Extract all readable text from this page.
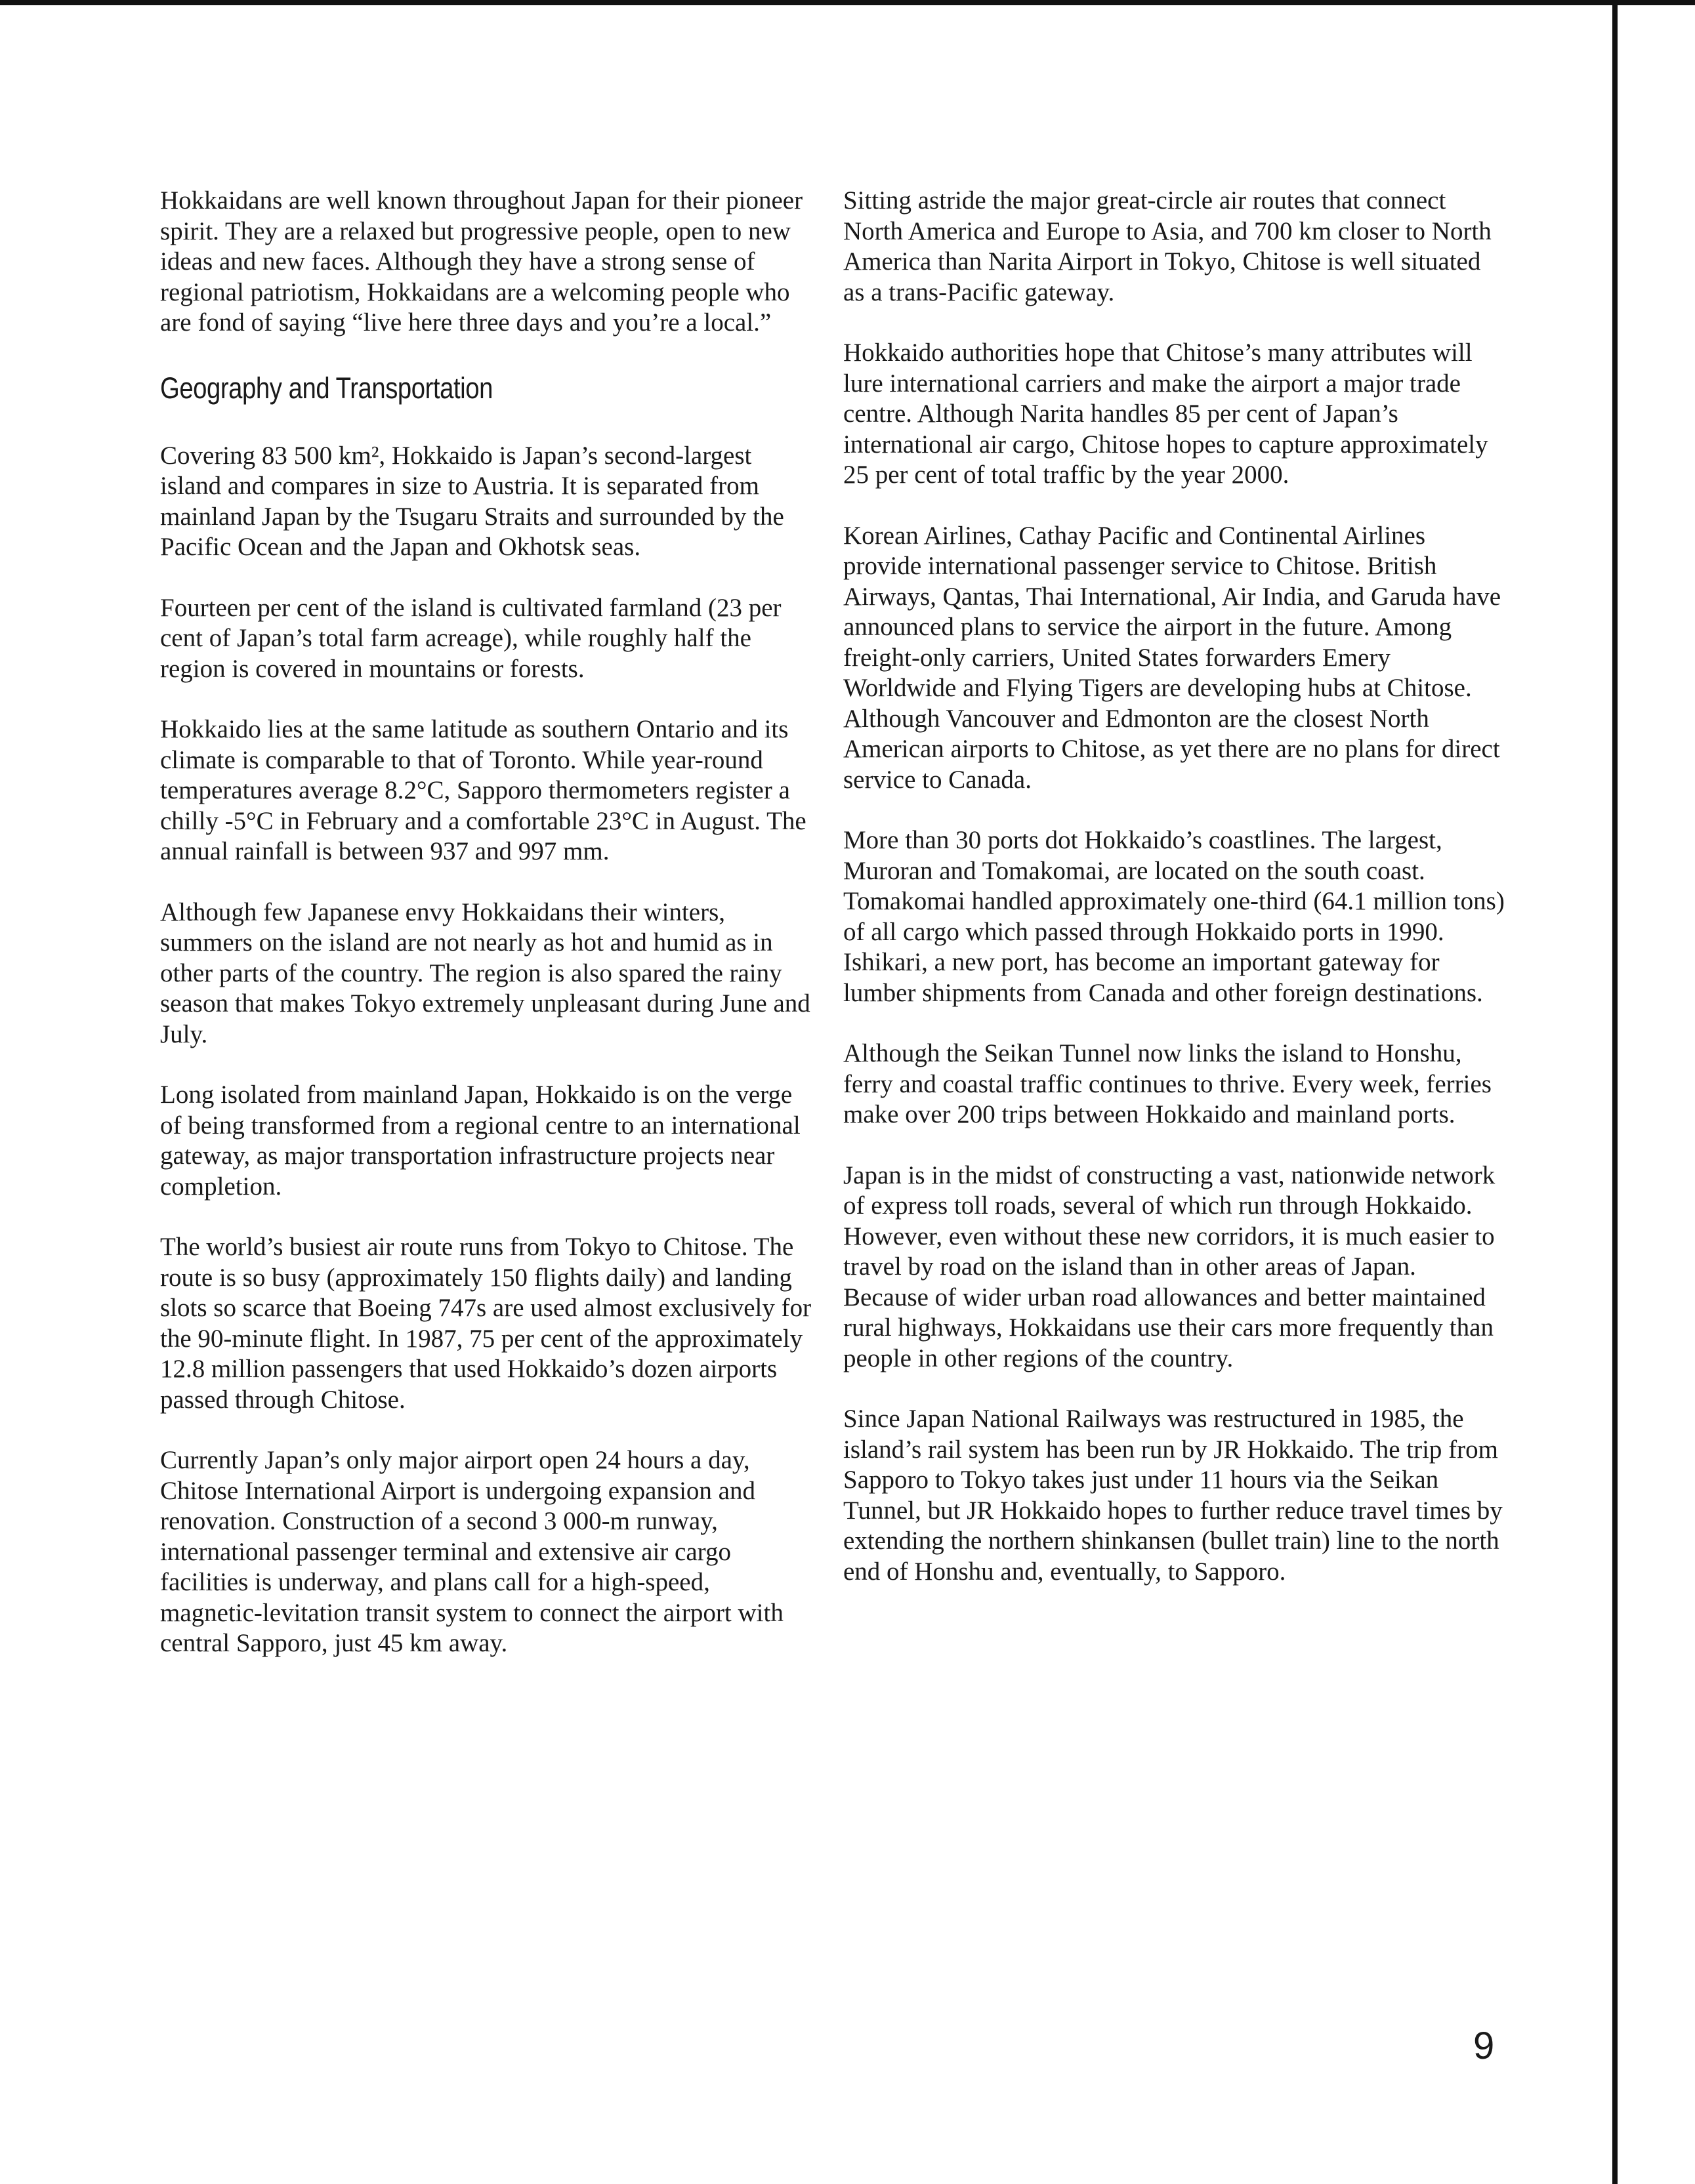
Hokkaidans are well known throughout Japan for their pioneer spirit. They are a relaxed but progressive people, open to new ideas and new faces. Although they have a strong sense of regional patriotism, Hokkaidans are a welcoming people who are fond of saying “live here three days and you’re a local.”

Geography and Transportation

Covering 83 500 km², Hokkaido is Japan’s second-largest island and compares in size to Austria. It is separated from mainland Japan by the Tsugaru Straits and surrounded by the Pacific Ocean and the Japan and Okhotsk seas.

Fourteen per cent of the island is cultivated farmland (23 per cent of Japan’s total farm acreage), while roughly half the region is covered in mountains or forests.

Hokkaido lies at the same latitude as southern Ontario and its climate is comparable to that of Toronto. While year-round temperatures average 8.2°C, Sapporo thermometers register a chilly -5°C in February and a comfortable 23°C in August. The annual rainfall is between 937 and 997 mm.

Although few Japanese envy Hokkaidans their winters, summers on the island are not nearly as hot and humid as in other parts of the country. The region is also spared the rainy season that makes Tokyo extremely unpleasant during June and July.

Long isolated from mainland Japan, Hokkaido is on the verge of being transformed from a regional centre to an international gateway, as major transportation infrastructure projects near completion.

The world’s busiest air route runs from Tokyo to Chitose. The route is so busy (approximately 150 flights daily) and landing slots so scarce that Boeing 747s are used almost exclusively for the 90-minute flight. In 1987, 75 per cent of the approximately 12.8 million passengers that used Hokkaido’s dozen airports passed through Chitose.

Currently Japan’s only major airport open 24 hours a day, Chitose International Airport is undergoing expansion and renovation. Construction of a second 3 000-m runway, international passenger terminal and extensive air cargo facilities is underway, and plans call for a high-speed, magnetic-levitation transit system to connect the airport with central Sapporo, just 45 km away.

Sitting astride the major great-circle air routes that connect North America and Europe to Asia, and 700 km closer to North America than Narita Airport in Tokyo, Chitose is well situated as a trans-Pacific gateway.

Hokkaido authorities hope that Chitose’s many attributes will lure international carriers and make the airport a major trade centre. Although Narita handles 85 per cent of Japan’s international air cargo, Chitose hopes to capture approximately 25 per cent of total traffic by the year 2000.

Korean Airlines, Cathay Pacific and Continental Airlines provide international passenger service to Chitose. British Airways, Qantas, Thai International, Air India, and Garuda have announced plans to service the airport in the future. Among freight-only carriers, United States forwarders Emery Worldwide and Flying Tigers are developing hubs at Chitose. Although Vancouver and Edmonton are the closest North American airports to Chitose, as yet there are no plans for direct service to Canada.

More than 30 ports dot Hokkaido’s coastlines. The largest, Muroran and Tomakomai, are located on the south coast. Tomakomai handled approximately one-third (64.1 million tons) of all cargo which passed through Hokkaido ports in 1990. Ishikari, a new port, has become an important gateway for lumber shipments from Canada and other foreign destinations.

Although the Seikan Tunnel now links the island to Honshu, ferry and coastal traffic continues to thrive. Every week, ferries make over 200 trips between Hokkaido and mainland ports.

Japan is in the midst of constructing a vast, nationwide network of express toll roads, several of which run through Hokkaido. However, even without these new corridors, it is much easier to travel by road on the island than in other areas of Japan. Because of wider urban road allowances and better maintained rural highways, Hokkaidans use their cars more frequently than people in other regions of the country.

Since Japan National Railways was restructured in 1985, the island’s rail system has been run by JR Hokkaido. The trip from Sapporo to Tokyo takes just under 11 hours via the Seikan Tunnel, but JR Hokkaido hopes to further reduce travel times by extending the northern shinkansen (bullet train) line to the north end of Honshu and, eventually, to Sapporo.

9
